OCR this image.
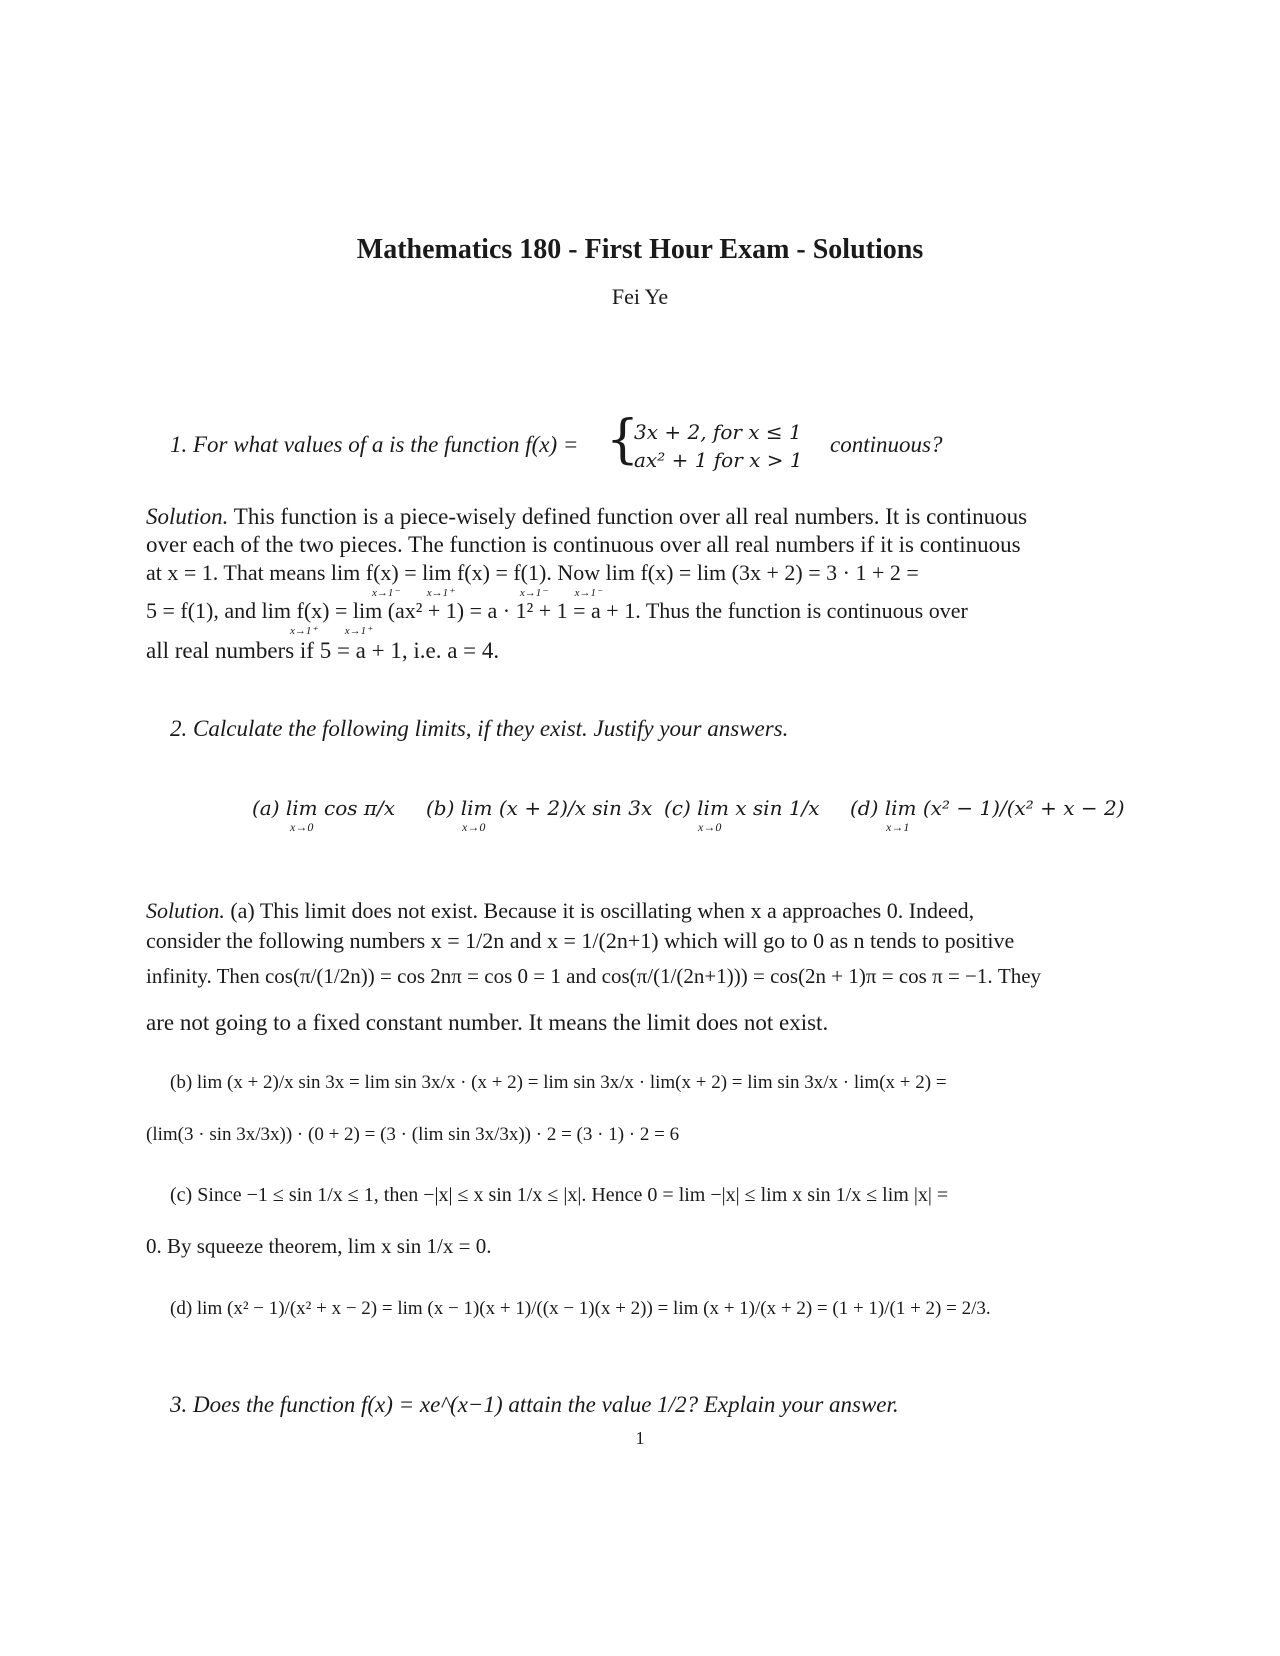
Mathematics 180 - First Hour Exam - Solutions
Fei Ye
1. For what values of a is the function f(x) = {
3x + 2, for x ≤ 1
ax² + 1 for x > 1
continuous?
Solution. This function is a piece-wisely defined function over all real numbers. It is continuous
over each of the two pieces. The function is continuous over all real numbers if it is continuous
at x = 1. That means lim f(x) = lim f(x) = f(1). Now lim f(x) = lim (3x + 2) = 3 · 1 + 2 =
x→1⁻          x→1⁺                        x→1⁻          x→1⁻
5 = f(1), and lim f(x) = lim (ax² + 1) = a · 1² + 1 = a + 1. Thus the function is continuous over
x→1⁺          x→1⁺
all real numbers if 5 = a + 1, i.e. a = 4.
2. Calculate the following limits, if they exist. Justify your answers.
(a) lim cos π/x
x→0
(b) lim (x + 2)/x sin 3x
x→0
(c) lim x sin 1/x
x→0
(d) lim (x² − 1)/(x² + x − 2)
x→1
Solution. (a) This limit does not exist. Because it is oscillating when x a approaches 0. Indeed,
consider the following numbers x = 1/2n and x = 1/(2n+1) which will go to 0 as n tends to positive
infinity. Then cos(π/(1/2n)) = cos 2nπ = cos 0 = 1 and cos(π/(1/(2n+1))) = cos(2n + 1)π = cos π = −1. They
are not going to a fixed constant number. It means the limit does not exist.
(b) lim (x + 2)/x sin 3x = lim sin 3x/x · (x + 2) = lim sin 3x/x · lim(x + 2) = lim sin 3x/x · lim(x + 2) =
(lim(3 · sin 3x/3x)) · (0 + 2) = (3 · (lim sin 3x/3x)) · 2 = (3 · 1) · 2 = 6
(c) Since −1 ≤ sin 1/x ≤ 1, then −|x| ≤ x sin 1/x ≤ |x|. Hence 0 = lim −|x| ≤ lim x sin 1/x ≤ lim |x| =
0. By squeeze theorem, lim x sin 1/x = 0.
(d) lim (x² − 1)/(x² + x − 2) = lim (x − 1)(x + 1)/((x − 1)(x + 2)) = lim (x + 1)/(x + 2) = (1 + 1)/(1 + 2) = 2/3.
3. Does the function f(x) = xe^(x−1) attain the value 1/2? Explain your answer.
1
